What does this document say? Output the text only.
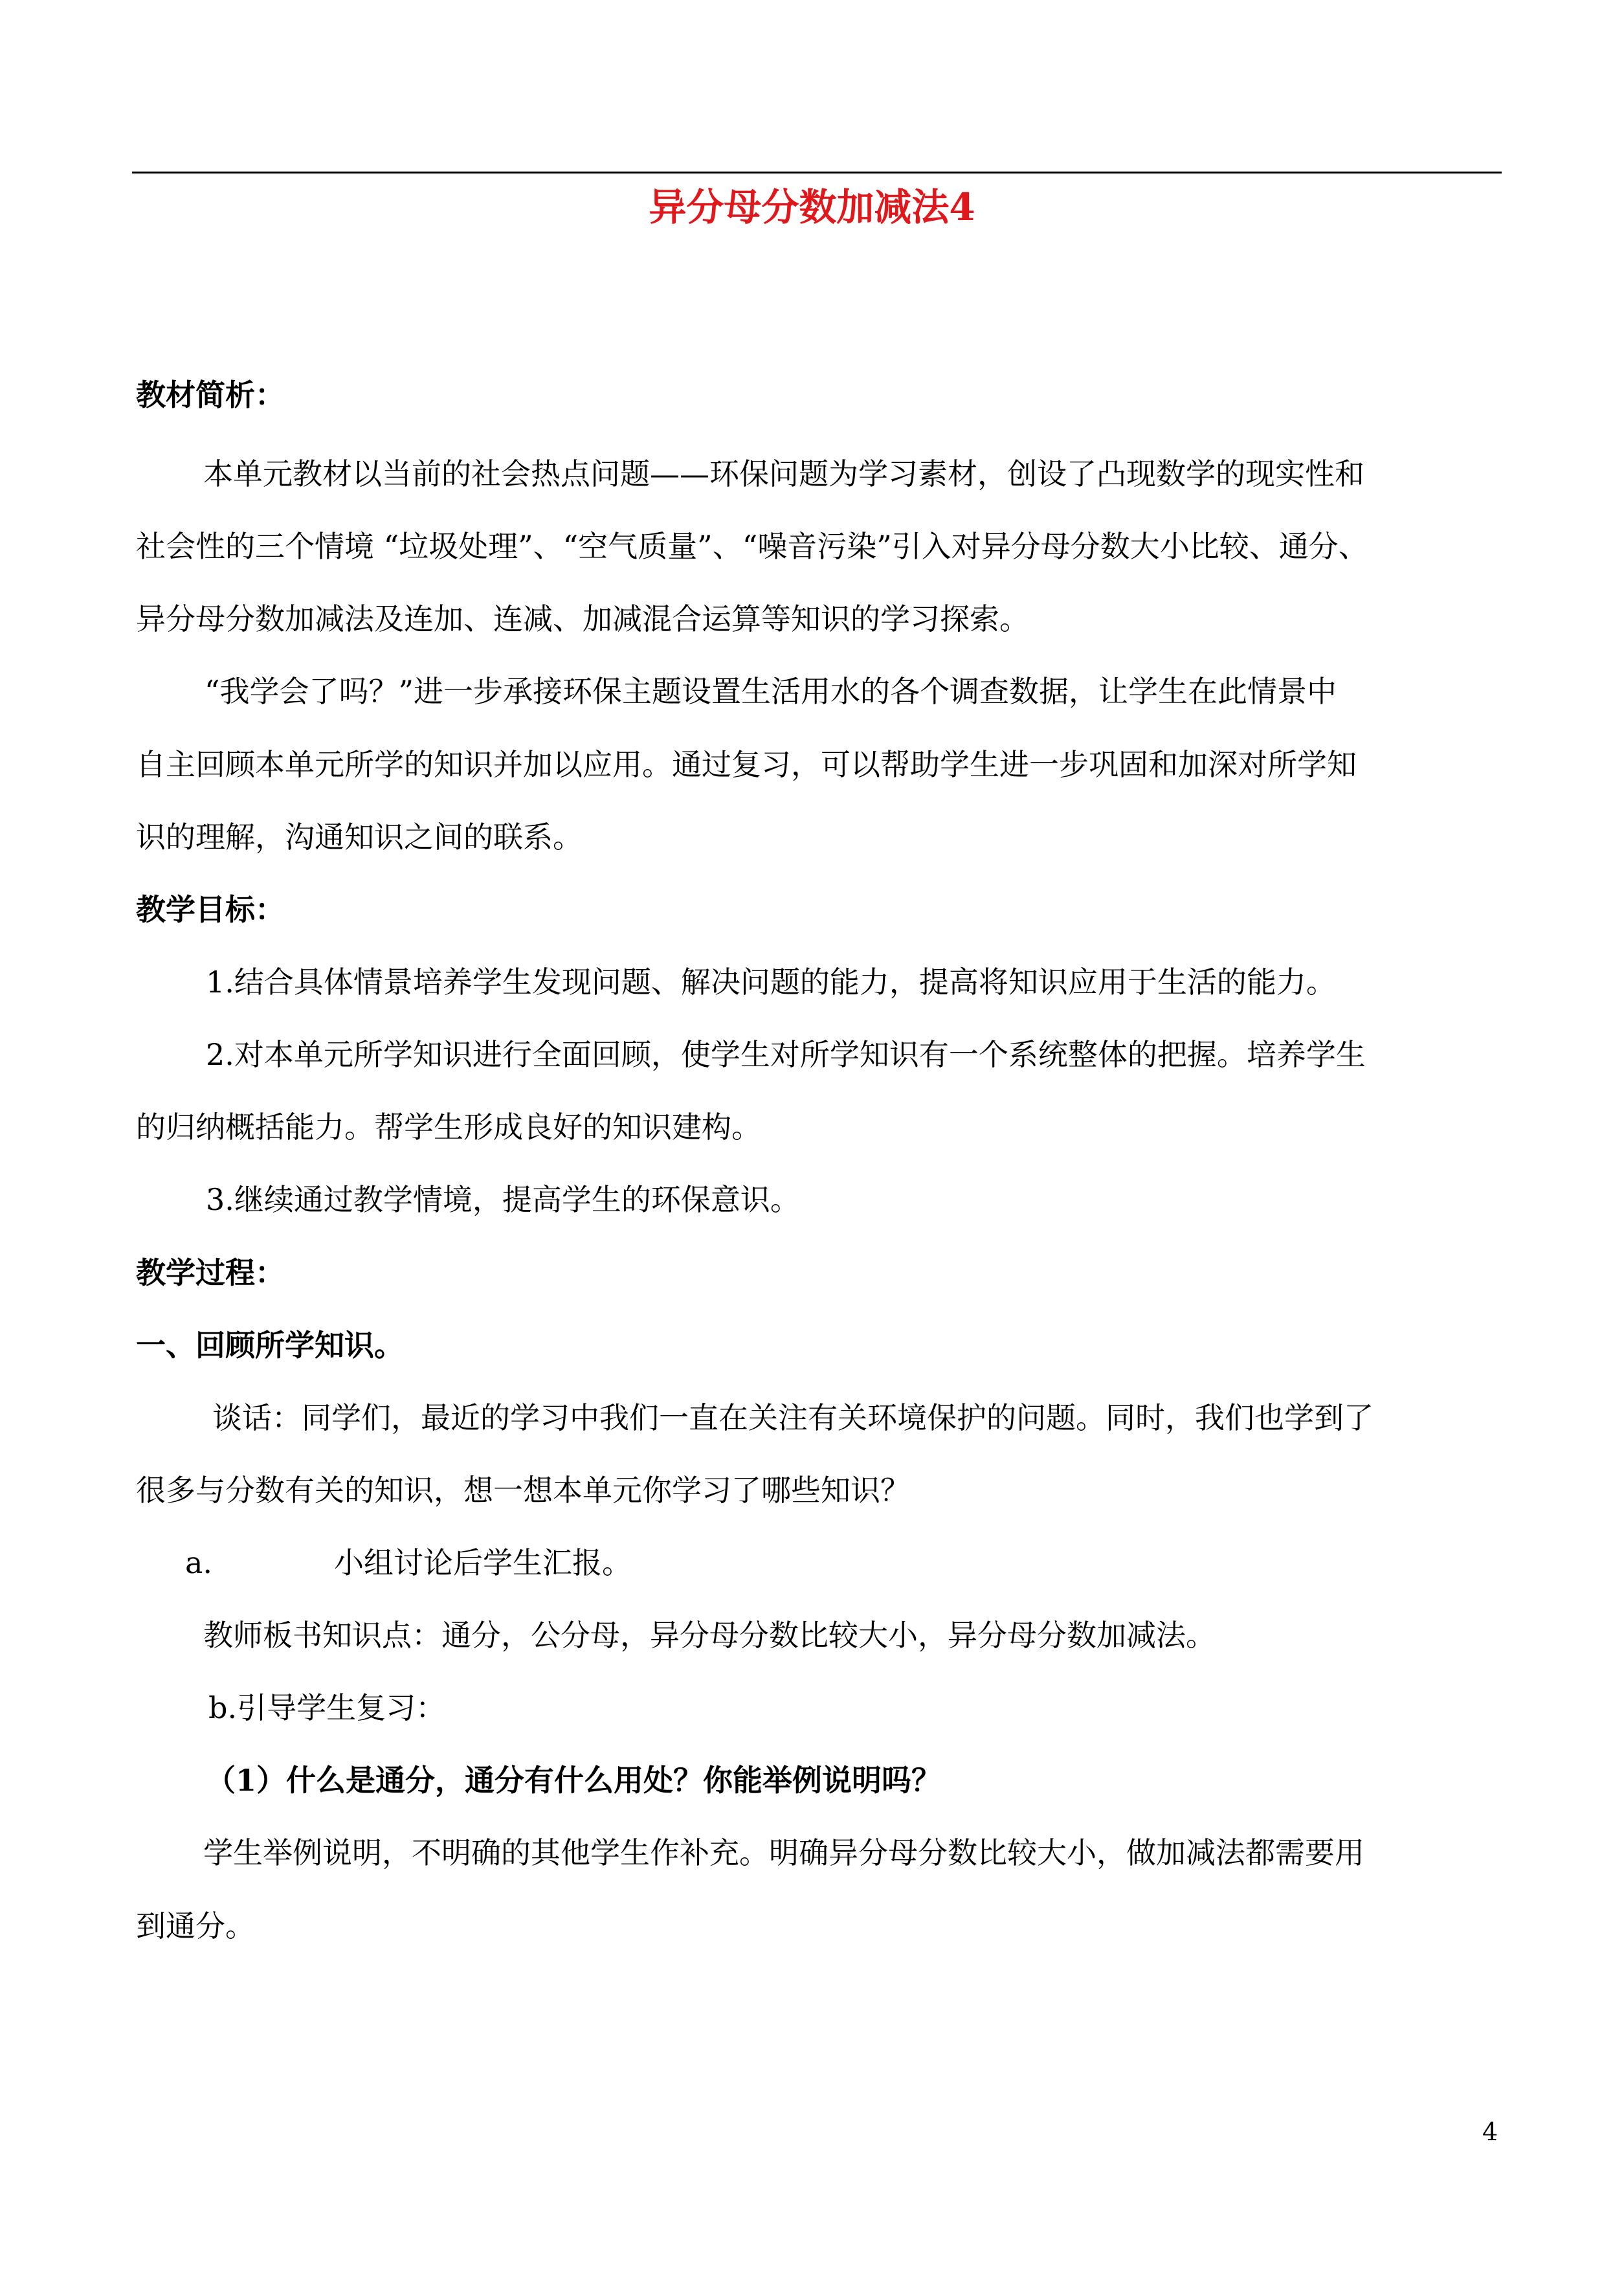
异分母分数加减法4
教材简析：
本单元教材以当前的社会热点问题——环保问题为学习素材，创设了凸现数学的现实性和
社会性的三个情境 “垃圾处理”、“空气质量”、“噪音污染”引入对异分母分数大小比较、通分、
异分母分数加减法及连加、连减、加减混合运算等知识的学习探索。
“我学会了吗？”进一步承接环保主题设置生活用水的各个调查数据，让学生在此情景中
自主回顾本单元所学的知识并加以应用。通过复习，可以帮助学生进一步巩固和加深对所学知
识的理解，沟通知识之间的联系。
教学目标：
1.结合具体情景培养学生发现问题、解决问题的能力，提高将知识应用于生活的能力。
2.对本单元所学知识进行全面回顾，使学生对所学知识有一个系统整体的把握。培养学生
的归纳概括能力。帮学生形成良好的知识建构。
3.继续通过教学情境，提高学生的环保意识。
教学过程：
一、回顾所学知识。
谈话：同学们，最近的学习中我们一直在关注有关环境保护的问题。同时，我们也学到了
很多与分数有关的知识，想一想本单元你学习了哪些知识？
a.	小组讨论后学生汇报。
教师板书知识点：通分，公分母，异分母分数比较大小，异分母分数加减法。
b.引导学生复习：
（1）什么是通分，通分有什么用处？你能举例说明吗？
学生举例说明，不明确的其他学生作补充。明确异分母分数比较大小，做加减法都需要用
到通分。
4
